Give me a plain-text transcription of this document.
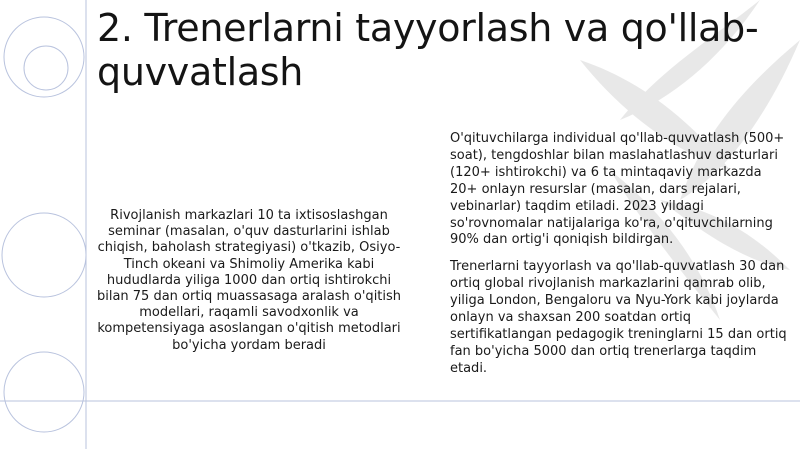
2. Trenerlarni tayyorlash va qo'llab-quvvatlash
Rivojlanish markazlari 10 ta ixtisoslashgan seminar (masalan, o'quv dasturlarini ishlab chiqish, baholash strategiyasi) o'tkazib, Osiyo-Tinch okeani va Shimoliy Amerika kabi hududlarda yiliga 1000 dan ortiq ishtirokchi bilan 75 dan ortiq muassasaga aralash o'qitish modellari, raqamli savodxonlik va kompetensiyaga asoslangan o'qitish metodlari bo'yicha yordam beradi

O'qituvchilarga individual qo'llab-quvvatlash (500+ soat), tengdoshlar bilan maslahatlashuv dasturlari (120+ ishtirokchi) va 6 ta mintaqaviy markazda 20+ onlayn resurslar (masalan, dars rejalari, vebinarlar) taqdim etiladi. 2023 yildagi so'rovnomalar natijalariga ko'ra, o'qituvchilarning 90% dan ortig'i qoniqish bildirgan.

Trenerlarni tayyorlash va qo'llab-quvvatlash 30 dan ortiq global rivojlanish markazlarini qamrab olib, yiliga London, Bengaloru va Nyu-York kabi joylarda onlayn va shaxsan 200 soatdan ortiq sertifikatlangan pedagogik treninglarni 15 dan ortiq fan bo'yicha 5000 dan ortiq trenerlarga taqdim etadi.
